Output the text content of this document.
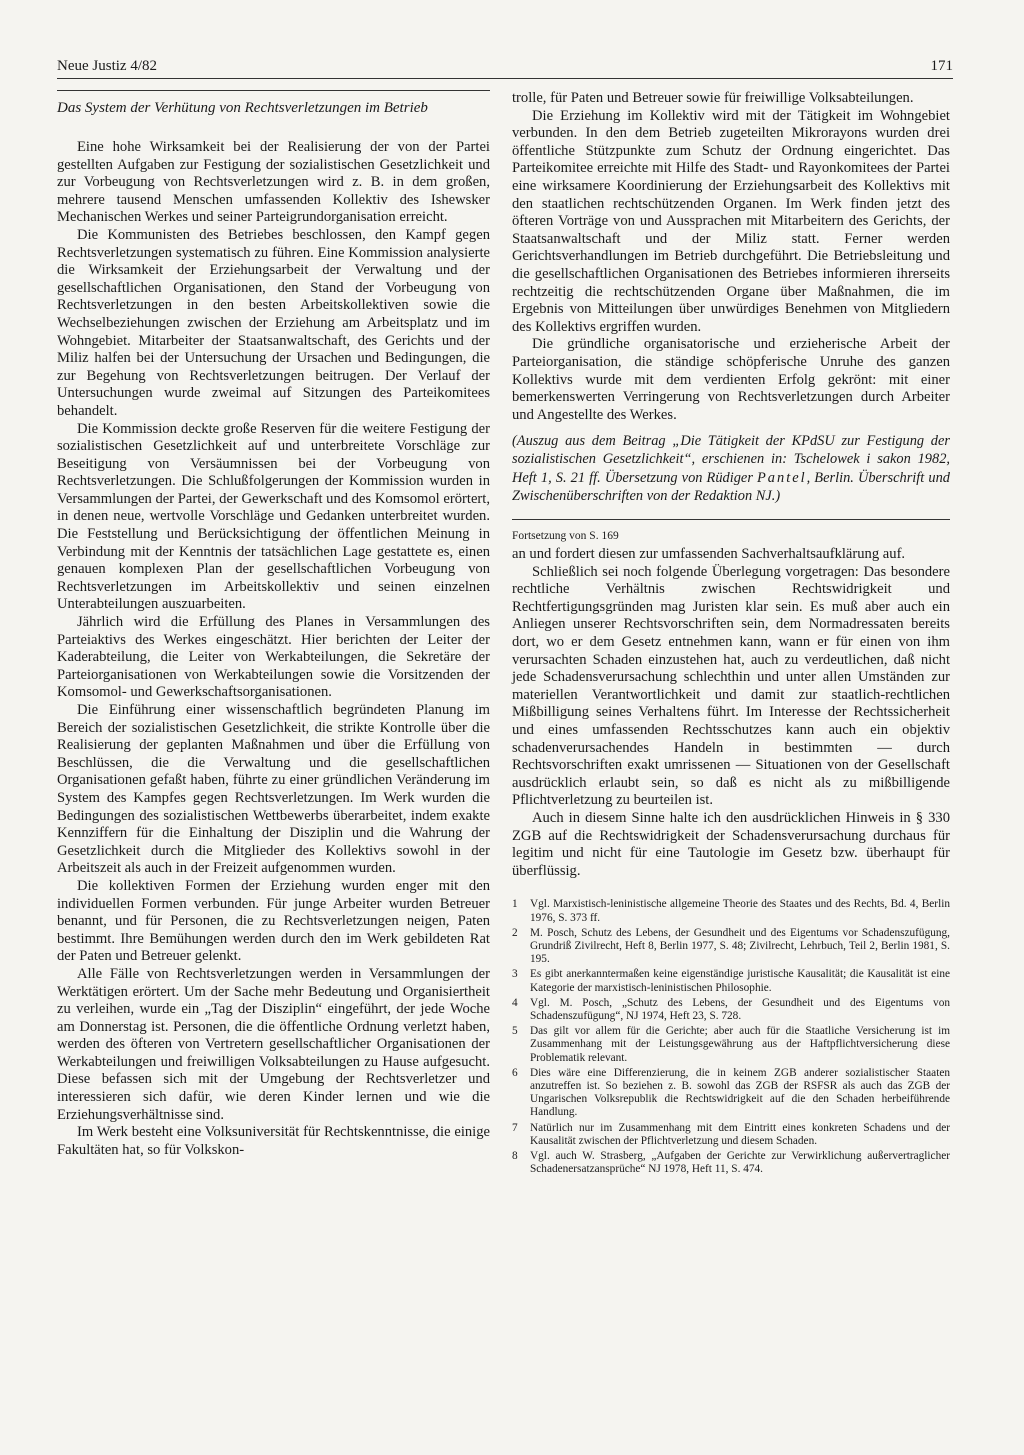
Neue Justiz 4/82	171
Das System der Verhütung von Rechtsverletzungen im Betrieb

Eine hohe Wirksamkeit bei der Realisierung der von der Partei gestellten Aufgaben zur Festigung der sozialistischen Gesetzlichkeit und zur Vorbeugung von Rechtsverletzungen wird z. B. in dem großen, mehrere tausend Menschen umfassenden Kollektiv des Ishewsker Mechanischen Werkes und seiner Parteigrundorganisation erreicht.

Die Kommunisten des Betriebes beschlossen, den Kampf gegen Rechtsverletzungen systematisch zu führen. Eine Kommission analysierte die Wirksamkeit der Erziehungsarbeit der Verwaltung und der gesellschaftlichen Organisationen, den Stand der Vorbeugung von Rechtsverletzungen in den besten Arbeitskollektiven sowie die Wechselbeziehungen zwischen der Erziehung am Arbeitsplatz und im Wohngebiet. Mitarbeiter der Staatsanwaltschaft, des Gerichts und der Miliz halfen bei der Untersuchung der Ursachen und Bedingungen, die zur Begehung von Rechtsverletzungen beitrugen. Der Verlauf der Untersuchungen wurde zweimal auf Sitzungen des Parteikomitees behandelt.

Die Kommission deckte große Reserven für die weitere Festigung der sozialistischen Gesetzlichkeit auf und unterbreitete Vorschläge zur Beseitigung von Versäumnissen bei der Vorbeugung von Rechtsverletzungen. Die Schlußfolgerungen der Kommission wurden in Versammlungen der Partei, der Gewerkschaft und des Komsomol erörtert, in denen neue, wertvolle Vorschläge und Gedanken unterbreitet wurden. Die Feststellung und Berücksichtigung der öffentlichen Meinung in Verbindung mit der Kenntnis der tatsächlichen Lage gestattete es, einen genauen komplexen Plan der gesellschaftlichen Vorbeugung von Rechtsverletzungen im Arbeitskollektiv und seinen einzelnen Unterabteilungen auszuarbeiten.

Jährlich wird die Erfüllung des Planes in Versammlungen des Parteiaktivs des Werkes eingeschätzt. Hier berichten der Leiter der Kaderabteilung, die Leiter von Werkabteilungen, die Sekretäre der Parteiorganisationen von Werkabteilungen sowie die Vorsitzenden der Komsomol- und Gewerkschaftsorganisationen.

Die Einführung einer wissenschaftlich begründeten Planung im Bereich der sozialistischen Gesetzlichkeit, die strikte Kontrolle über die Realisierung der geplanten Maßnahmen und über die Erfüllung von Beschlüssen, die die Verwaltung und die gesellschaftlichen Organisationen gefaßt haben, führte zu einer gründlichen Veränderung im System des Kampfes gegen Rechtsverletzungen. Im Werk wurden die Bedingungen des sozialistischen Wettbewerbs überarbeitet, indem exakte Kennziffern für die Einhaltung der Disziplin und die Wahrung der Gesetzlichkeit durch die Mitglieder des Kollektivs sowohl in der Arbeitszeit als auch in der Freizeit aufgenommen wurden.

Die kollektiven Formen der Erziehung wurden enger mit den individuellen Formen verbunden. Für junge Arbeiter wurden Betreuer benannt, und für Personen, die zu Rechtsverletzungen neigen, Paten bestimmt. Ihre Bemühungen werden durch den im Werk gebildeten Rat der Paten und Betreuer gelenkt.

Alle Fälle von Rechtsverletzungen werden in Versammlungen der Werktätigen erörtert. Um der Sache mehr Bedeutung und Organisiertheit zu verleihen, wurde ein „Tag der Disziplin“ eingeführt, der jede Woche am Donnerstag ist. Personen, die die öffentliche Ordnung verletzt haben, werden des öfteren von Vertretern gesellschaftlicher Organisationen der Werkabteilungen und freiwilligen Volksabteilungen zu Hause aufgesucht. Diese befassen sich mit der Umgebung der Rechtsverletzer und interessieren sich dafür, wie deren Kinder lernen und wie die Erziehungsverhältnisse sind.

Im Werk besteht eine Volksuniversität für Rechtskenntnisse, die einige Fakultäten hat, so für Volkskon-

trolle, für Paten und Betreuer sowie für freiwillige Volksabteilungen.

Die Erziehung im Kollektiv wird mit der Tätigkeit im Wohngebiet verbunden. In den dem Betrieb zugeteilten Mikrorayons wurden drei öffentliche Stützpunkte zum Schutz der Ordnung eingerichtet. Das Parteikomitee erreichte mit Hilfe des Stadt- und Rayonkomitees der Partei eine wirksamere Koordinierung der Erziehungsarbeit des Kollektivs mit den staatlichen rechtschützenden Organen. Im Werk finden jetzt des öfteren Vorträge von und Aussprachen mit Mitarbeitern des Gerichts, der Staatsanwaltschaft und der Miliz statt. Ferner werden Gerichtsverhandlungen im Betrieb durchgeführt. Die Betriebsleitung und die gesellschaftlichen Organisationen des Betriebes informieren ihrerseits rechtzeitig die rechtschützenden Organe über Maßnahmen, die im Ergebnis von Mitteilungen über unwürdiges Benehmen von Mitgliedern des Kollektivs ergriffen wurden.

Die gründliche organisatorische und erzieherische Arbeit der Parteiorganisation, die ständige schöpferische Unruhe des ganzen Kollektivs wurde mit dem verdienten Erfolg gekrönt: mit einer bemerkenswerten Verringerung von Rechtsverletzungen durch Arbeiter und Angestellte des Werkes.

(Auszug aus dem Beitrag „Die Tätigkeit der KPdSU zur Festigung der sozialistischen Gesetzlichkeit“, erschienen in: Tschelowek i sakon 1982, Heft 1, S. 21 ff. Übersetzung von Rüdiger Pantel, Berlin. Überschrift und Zwischenüberschriften von der Redaktion NJ.)
Fortsetzung von S. 169

an und fordert diesen zur umfassenden Sachverhaltsaufklärung auf.

Schließlich sei noch folgende Überlegung vorgetragen: Das besondere rechtliche Verhältnis zwischen Rechtswidrigkeit und Rechtfertigungsgründen mag Juristen klar sein. Es muß aber auch ein Anliegen unserer Rechtsvorschriften sein, dem Normadressaten bereits dort, wo er dem Gesetz entnehmen kann, wann er für einen von ihm verursachten Schaden einzustehen hat, auch zu verdeutlichen, daß nicht jede Schadensverursachung schlechthin und unter allen Umständen zur materiellen Verantwortlichkeit und damit zur staatlich-rechtlichen Mißbilligung seines Verhaltens führt. Im Interesse der Rechtssicherheit und eines umfassenden Rechtsschutzes kann auch ein objektiv schadenverursachendes Handeln in bestimmten — durch Rechtsvorschriften exakt umrissenen — Situationen von der Gesellschaft ausdrücklich erlaubt sein, so daß es nicht als zu mißbilligende Pflichtverletzung zu beurteilen ist.

Auch in diesem Sinne halte ich den ausdrücklichen Hinweis in § 330 ZGB auf die Rechtswidrigkeit der Schadensverursachung durchaus für legitim und nicht für eine Tautologie im Gesetz bzw. überhaupt für überflüssig.

1	Vgl. Marxistisch-leninistische allgemeine Theorie des Staates und des Rechts, Bd. 4, Berlin 1976, S. 373 ff.
2	M. Posch, Schutz des Lebens, der Gesundheit und des Eigentums vor Schadenszufügung, Grundriß Zivilrecht, Heft 8, Berlin 1977, S. 48; Zivilrecht, Lehrbuch, Teil 2, Berlin 1981, S. 195.
3	Es gibt anerkanntermaßen keine eigenständige juristische Kausalität; die Kausalität ist eine Kategorie der marxistisch-leninistischen Philosophie.
4	Vgl. M. Posch, „Schutz des Lebens, der Gesundheit und des Eigentums von Schadenszufügung“, NJ 1974, Heft 23, S. 728.
5	Das gilt vor allem für die Gerichte; aber auch für die Staatliche Versicherung ist im Zusammenhang mit der Leistungsgewährung aus der Haftpflichtversicherung diese Problematik relevant.
6	Dies wäre eine Differenzierung, die in keinem ZGB anderer sozialistischer Staaten anzutreffen ist. So beziehen z. B. sowohl das ZGB der RSFSR als auch das ZGB der Ungarischen Volksrepublik die Rechtswidrigkeit auf die den Schaden herbeiführende Handlung.
7	Natürlich nur im Zusammenhang mit dem Eintritt eines konkreten Schadens und der Kausalität zwischen der Pflichtverletzung und diesem Schaden.
8	Vgl. auch W. Strasberg, „Aufgaben der Gerichte zur Verwirklichung außervertraglicher Schadenersatzansprüche“ NJ 1978, Heft 11, S. 474.
